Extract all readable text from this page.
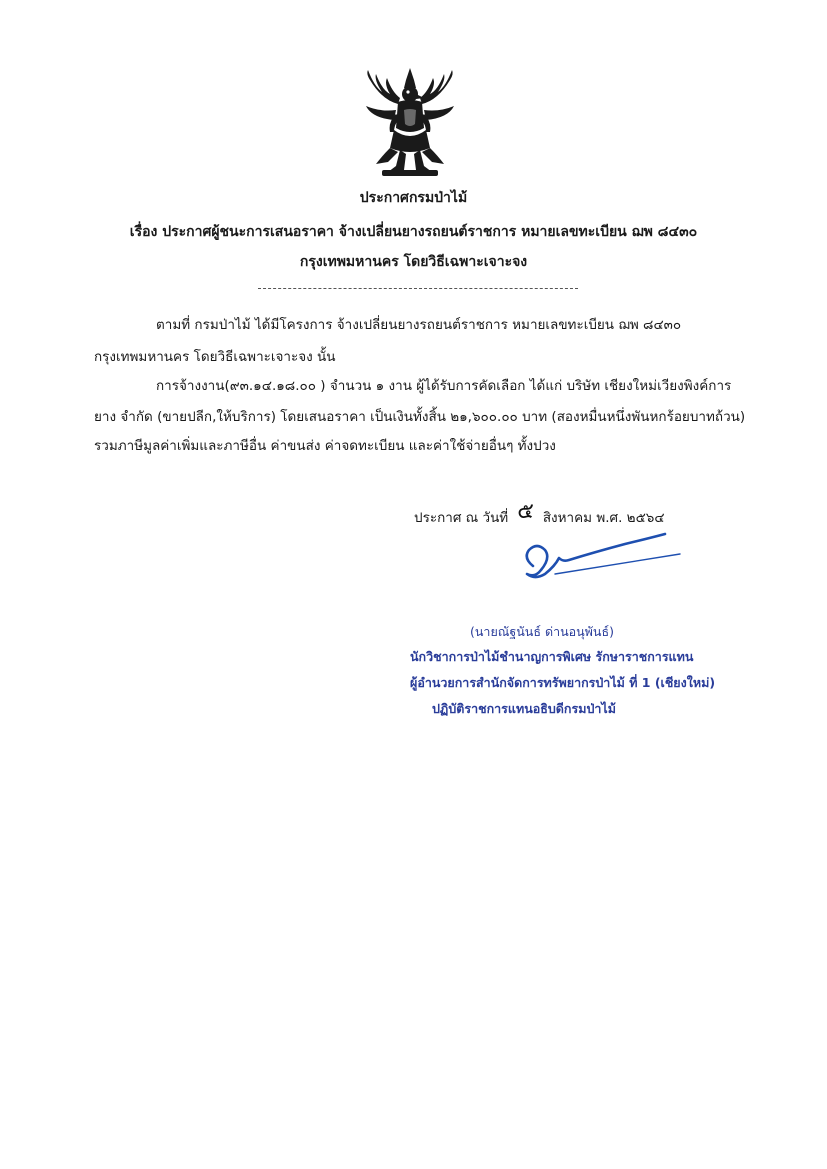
ประกาศกรมป่าไม้
เรื่อง ประกาศผู้ชนะการเสนอราคา จ้างเปลี่ยนยางรถยนต์ราชการ หมายเลขทะเบียน ฌพ ๘๔๓๐
กรุงเทพมหานคร โดยวิธีเฉพาะเจาะจง
ตามที่ กรมป่าไม้ ได้มีโครงการ จ้างเปลี่ยนยางรถยนต์ราชการ หมายเลขทะเบียน ฌพ ๘๔๓๐
กรุงเทพมหานคร โดยวิธีเฉพาะเจาะจง นั้น
การจ้างงาน(๙๓.๑๔.๑๘.๐๐ ) จำนวน ๑ งาน ผู้ได้รับการคัดเลือก ได้แก่ บริษัท เชียงใหม่เวียงพิงค์การ
ยาง จำกัด (ขายปลีก,ให้บริการ) โดยเสนอราคา เป็นเงินทั้งสิ้น ๒๑,๖๐๐.๐๐ บาท (สองหมื่นหนึ่งพันหกร้อยบาทถ้วน)
รวมภาษีมูลค่าเพิ่มและภาษีอื่น ค่าขนส่ง ค่าจดทะเบียน และค่าใช้จ่ายอื่นๆ ทั้งปวง
ประกาศ ณ วันที่ ๕ สิงหาคม พ.ศ. ๒๕๖๔
(นายณัฐนันธ์ ด่านอนุพันธ์)
นักวิชาการป่าไม้ชำนาญการพิเศษ รักษาราชการแทน
ผู้อำนวยการสำนักจัดการทรัพยากรป่าไม้ ที่ 1 (เชียงใหม่)
ปฏิบัติราชการแทนอธิบดีกรมป่าไม้
